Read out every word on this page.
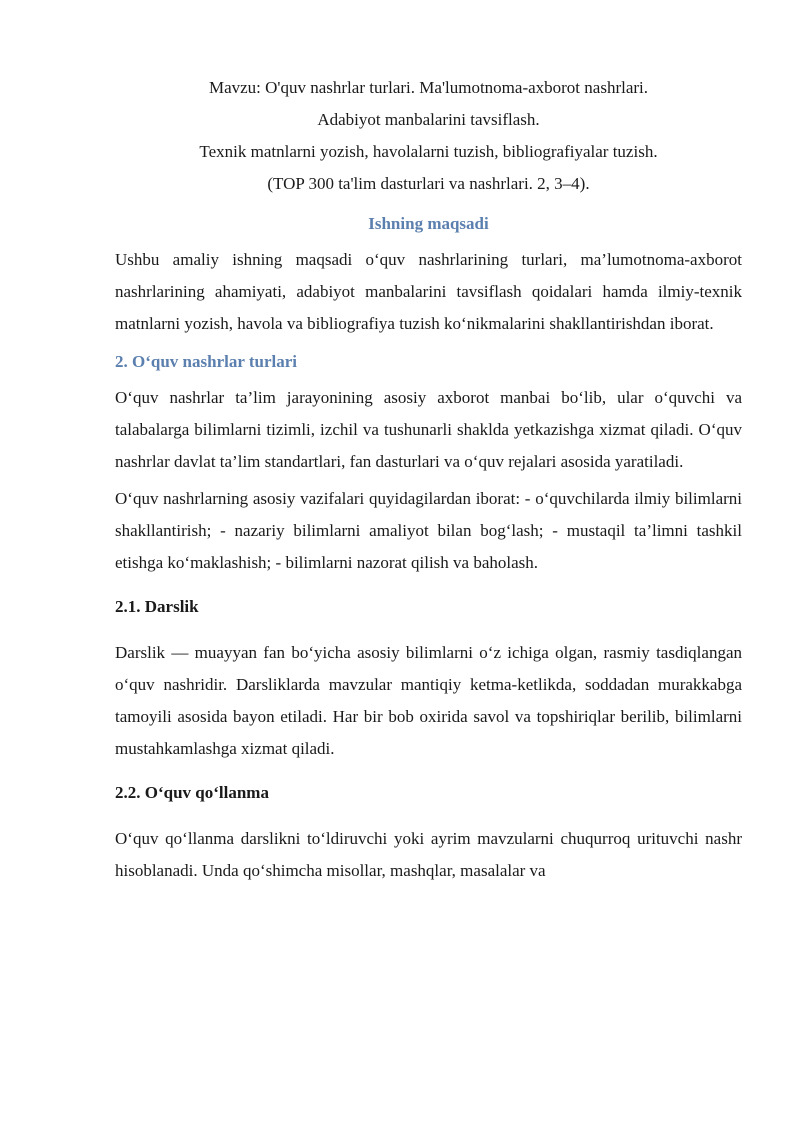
Mavzu: O'quv nashrlar turlari. Ma'lumotnoma-axborot nashrlari.

Adabiyot manbalarini tavsiflash.

Texnik matnlarni yozish, havolalarni tuzish, bibliografiyalar tuzish.

(TOP 300 ta'lim dasturlari va nashrlari. 2, 3–4).

Ishning maqsadi

Ushbu amaliy ishning maqsadi o‘quv nashrlarining turlari, ma’lumotnoma-axborot nashrlarining ahamiyati, adabiyot manbalarini tavsiflash qoidalari hamda ilmiy-texnik matnlarni yozish, havola va bibliografiya tuzish ko‘nikmalarini shakllantirishdan iborat.

2. O‘quv nashrlar turlari

O‘quv nashrlar ta’lim jarayonining asosiy axborot manbai bo‘lib, ular o‘quvchi va talabalarga bilimlarni tizimli, izchil va tushunarli shaklda yetkazishga xizmat qiladi. O‘quv nashrlar davlat ta’lim standartlari, fan dasturlari va o‘quv rejalari asosida yaratiladi.

O‘quv nashrlarning asosiy vazifalari quyidagilardan iborat: - o‘quvchilarda ilmiy bilimlarni shakllantirish; - nazariy bilimlarni amaliyot bilan bog‘lash; - mustaqil ta’limni tashkil etishga ko‘maklashish; - bilimlarni nazorat qilish va baholash.

2.1. Darslik

Darslik — muayyan fan bo‘yicha asosiy bilimlarni o‘z ichiga olgan, rasmiy tasdiqlangan o‘quv nashridir. Darsliklarda mavzular mantiqiy ketma-ketlikda, soddadan murakkabga tamoyili asosida bayon etiladi. Har bir bob oxirida savol va topshiriqlar berilib, bilimlarni mustahkamlashga xizmat qiladi.

2.2. O‘quv qo‘llanma

O‘quv qo‘llanma darslikni to‘ldiruvchi yoki ayrim mavzularni chuqurroq urituvchi nashr hisoblanadi. Unda qo‘shimcha misollar, mashqlar, masalalar va
